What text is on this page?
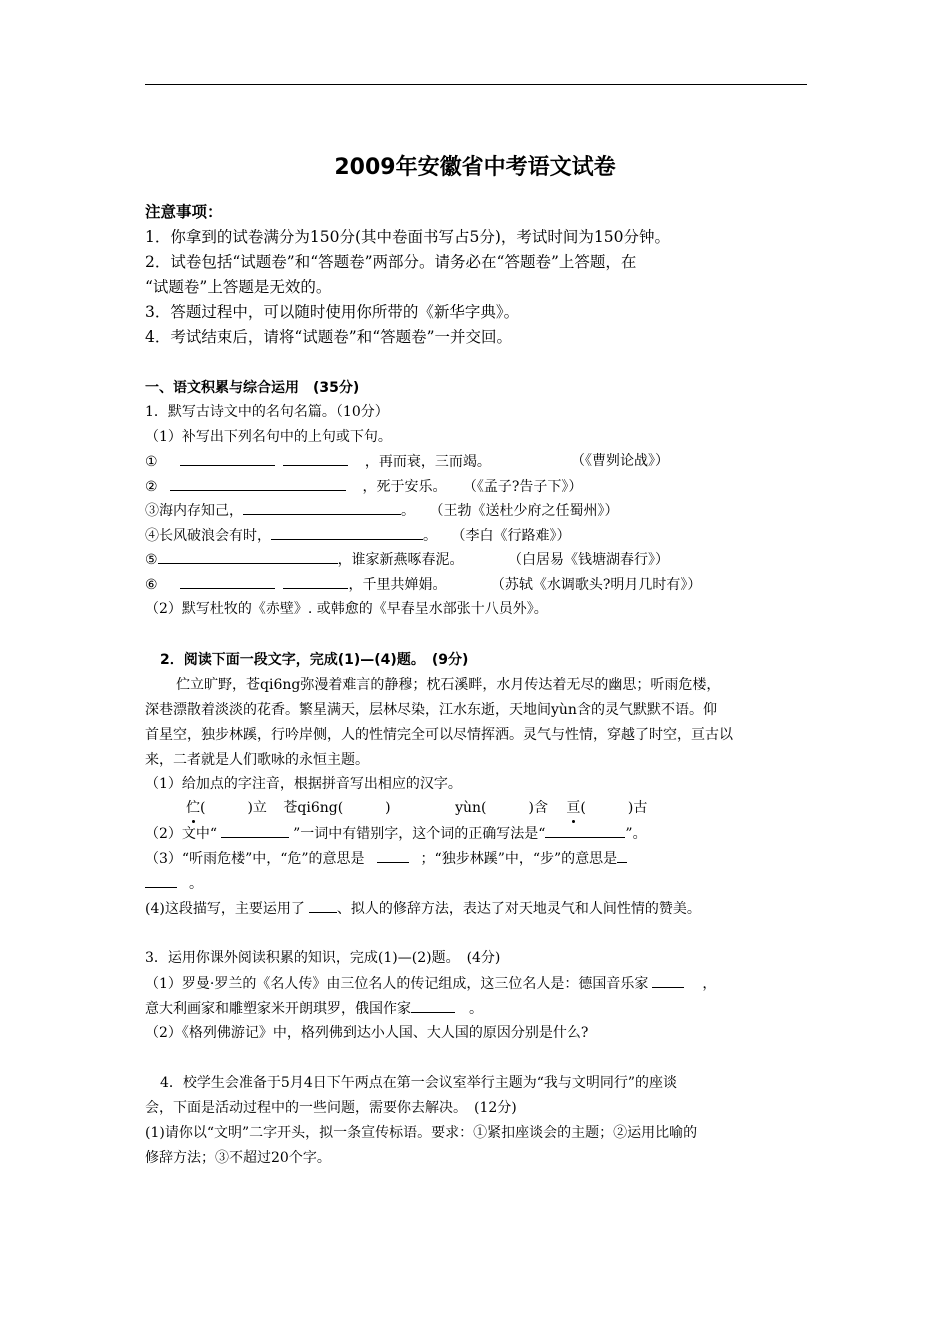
2009年安徽省中考语文试卷
注意事项：
1．你拿到的试卷满分为150分(其中卷面书写占5分)，考试时间为150分钟。
2．试卷包括“试题卷”和“答题卷”两部分。请务必在“答题卷”上答题，在
“试题卷”上答题是无效的。
3．答题过程中，可以随时使用你所带的《新华字典》。
4．考试结束后，请将“试题卷”和“答题卷”一并交回。
一、语文积累与综合运用　(35分)
1．默写古诗文中的名句名篇。（10分）
（1）补写出下列名句中的上句或下句。
①	，再而衰，三而竭。	（《曹刿论战》）
②	，死于安乐。 （《孟子?告子下》）
③海内存知己，	。 （王勃《送杜少府之任蜀州》）
④长风破浪会有时，	。 （李白《行路难》）
⑤	，谁家新燕啄春泥。	（白居易《钱塘湖春行》）
⑥	，千里共婵娟。	（苏轼《水调歌头?明月几时有》）
（2）默写杜牧的《赤壁》. 或韩愈的《早春呈水部张十八员外》。
2．阅读下面一段文字，完成(1)—(4)题。　(9分)
伫立旷野，苍qi6ng弥漫着难言的静穆；枕石溪畔，水月传达着无尽的幽思；听雨危楼，
深巷漂散着淡淡的花香。繁星满天，层林尽染，江水东逝，天地间yùn含的灵气默默不语。仰
首星空，独步林蹊，行吟岸侧，人的性情完全可以尽情挥洒。灵气与性情，穿越了时空，亘古以
来，二者就是人们歌咏的永恒主题。
（1）给加点的字注音，根据拼音写出相应的汉字。
伫(　　　)立 苍qi6ng(　　　)	yùn(　　　)含 亘(　　　)古
（2）文中“	”一词中有错别字，这个词的正确写法是“	”。
（3）“听雨危楼”中，“危”的意思是	；“独步林蹊”中，“步”的意思是
。
(4)这段描写，主要运用了 、拟人的修辞方法，表达了对天地灵气和人间性情的赞美。
3．运用你课外阅读积累的知识，完成(1)—(2)题。　(4分)
（1）罗曼·罗兰的《名人传》由三位名人的传记组成，这三位名人是：德国音乐家	，
意大利画家和雕塑家米开朗琪罗，俄国作家	。
（2）《格列佛游记》中，格列佛到达小人国、大人国的原因分别是什么?
4．校学生会准备于5月4日下午两点在第一会议室举行主题为“我与文明同行”的座谈
会，下面是活动过程中的一些问题，需要你去解决。　(12分)
(1)请你以“文明”二字开头，拟一条宣传标语。要求：①紧扣座谈会的主题；②运用比喻的
修辞方法；③不超过20个字。
